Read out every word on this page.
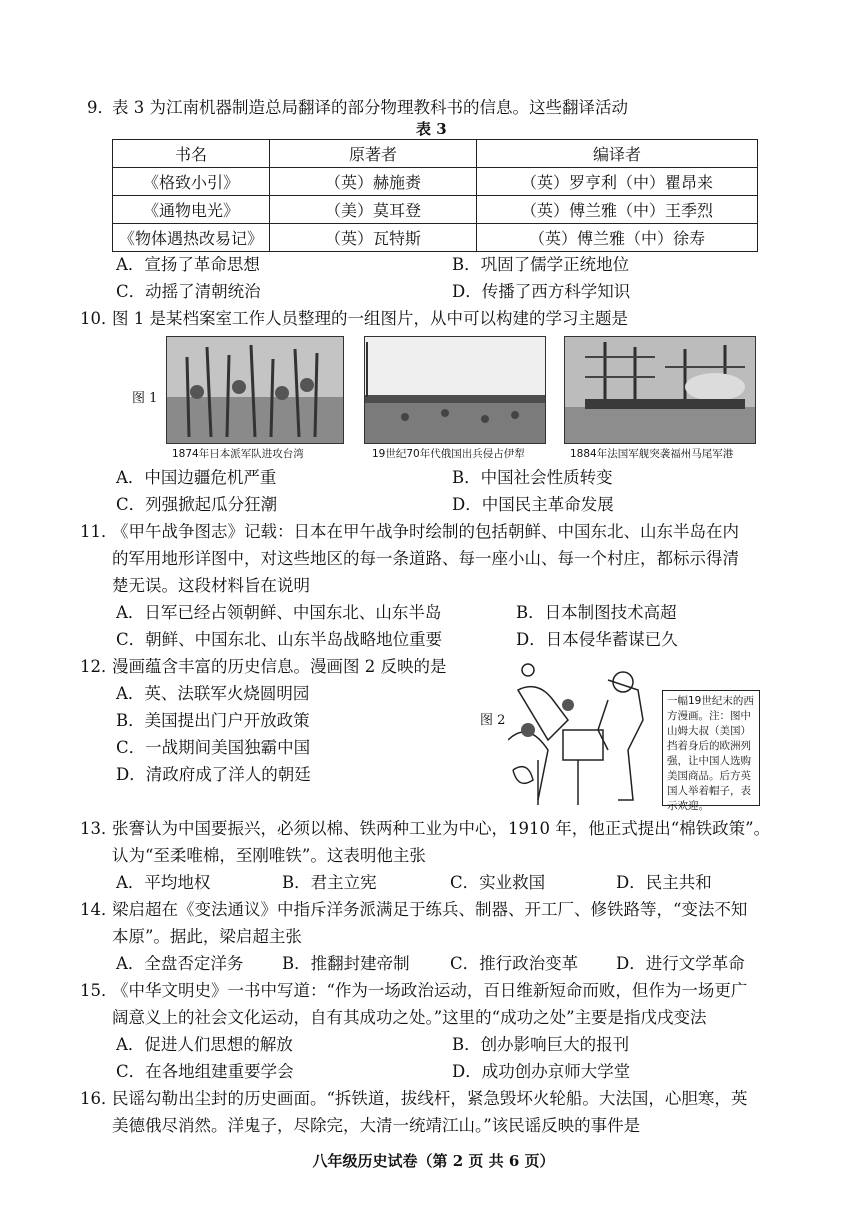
9．
表 3 为江南机器制造总局翻译的部分物理教科书的信息。这些翻译活动
表 3
书名	原著者	编译者
《格致小引》	（英）赫施赉	（英）罗亨利（中）瞿昂来
《通物电光》	（美）莫耳登	（英）傅兰雅（中）王季烈
《物体遇热改易记》	（英）瓦特斯	（英）傅兰雅（中）徐寿
A．宣扬了革命思想	B．巩固了儒学正统地位
C．动摇了清朝统治	D．传播了西方科学知识
10．
图 1 是某档案室工作人员整理的一组图片，从中可以构建的学习主题是
图 1
1874年日本派军队进攻台湾	19世纪70年代俄国出兵侵占伊犁	1884年法国军舰突袭福州马尾军港
A．中国边疆危机严重	B．中国社会性质转变
C．列强掀起瓜分狂潮	D．中国民主革命发展
11．
《甲午战争图志》记载：日本在甲午战争时绘制的包括朝鲜、中国东北、山东半岛在内
的军用地形详图中，对这些地区的每一条道路、每一座小山、每一个村庄，都标示得清
楚无误。这段材料旨在说明
A．日军已经占领朝鲜、中国东北、山东半岛	B．日本制图技术高超
C．朝鲜、中国东北、山东半岛战略地位重要	D．日本侵华蓄谋已久
12．
漫画蕴含丰富的历史信息。漫画图 2 反映的是
A．英、法联军火烧圆明园
B．美国提出门户开放政策
C．一战期间美国独霸中国
D．清政府成了洋人的朝廷
图 2
一幅19世纪末的西方漫画。注：图中山姆大叔（美国）挡着身后的欧洲列强，让中国人选购美国商品。后方英国人举着帽子，表示欢迎。
13．
张謇认为中国要振兴，必须以棉、铁两种工业为中心，1910 年，他正式提出“棉铁政策”。
认为“至柔唯棉，至刚唯铁”。这表明他主张
A．平均地权	B．君主立宪	C．实业救国	D．民主共和
14．
梁启超在《变法通议》中指斥洋务派满足于练兵、制器、开工厂、修铁路等，“变法不知
本原”。据此，梁启超主张
A．全盘否定洋务 B．推翻封建帝制 C．推行政治变革 D．进行文学革命
15．
《中华文明史》一书中写道：“作为一场政治运动，百日维新短命而败，但作为一场更广
阔意义上的社会文化运动，自有其成功之处。”这里的“成功之处”主要是指戊戌变法
A．促进人们思想的解放	B．创办影响巨大的报刊
C．在各地组建重要学会	D．成功创办京师大学堂
16．
民谣勾勒出尘封的历史画面。“拆铁道，拔线杆，紧急毁坏火轮船。大法国，心胆寒，英
美德俄尽消然。洋鬼子，尽除完，大清一统靖江山。”该民谣反映的事件是
八年级历史试卷（第 2 页 共 6 页）
